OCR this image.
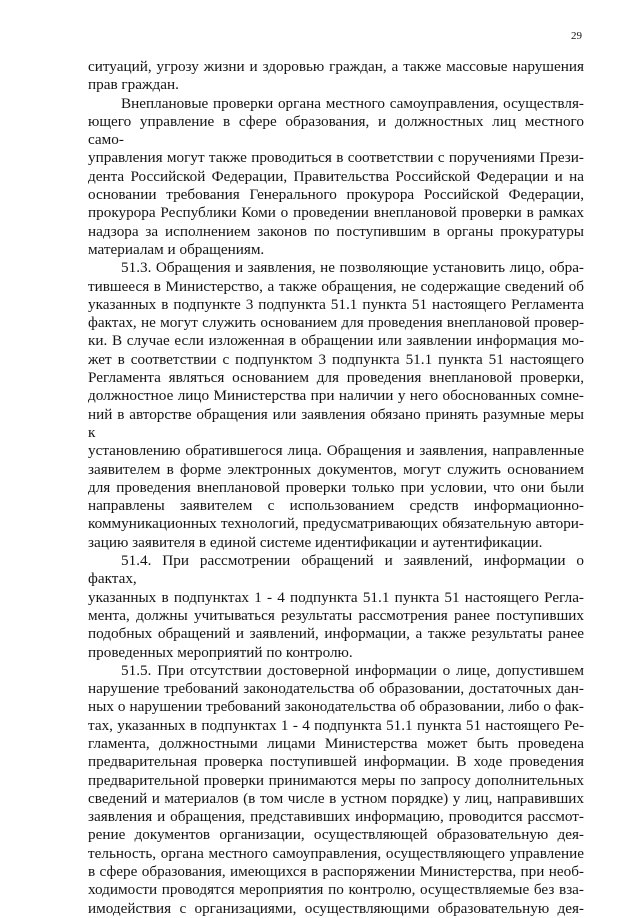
29

ситуаций, угрозу жизни и здоровью граждан, а также массовые нарушения

прав граждан.

Внеплановые проверки органа местного самоуправления, осуществля-

ющего управление в сфере образования, и должностных лиц местного само-

управления могут также проводиться в соответствии с поручениями Прези-

дента Российской Федерации, Правительства Российской Федерации и на

основании требования Генерального прокурора Российской Федерации,

прокурора Республики Коми о проведении внеплановой проверки в рамках

надзора за исполнением законов по поступившим в органы прокуратуры

материалам и обращениям.

51.3. Обращения и заявления, не позволяющие установить лицо, обра-

тившееся в Министерство, а также обращения, не содержащие сведений об

указанных в подпункте 3 подпункта 51.1 пункта 51 настоящего Регламента

фактах, не могут служить основанием для проведения внеплановой провер-

ки. В случае если изложенная в обращении или заявлении информация мо-

жет в соответствии с подпунктом 3 подпункта 51.1 пункта 51 настоящего

Регламента являться основанием для проведения внеплановой проверки,

должностное лицо Министерства при наличии у него обоснованных сомне-

ний в авторстве обращения или заявления обязано принять разумные меры к

установлению обратившегося лица. Обращения и заявления, направленные

заявителем в форме электронных документов, могут служить основанием

для проведения внеплановой проверки только при условии, что они были

направлены заявителем с использованием средств информационно-

коммуникационных технологий, предусматривающих обязательную автори-

зацию заявителя в единой системе идентификации и аутентификации.

51.4. При рассмотрении обращений и заявлений, информации о фактах,

указанных в подпунктах 1 - 4 подпункта 51.1 пункта 51 настоящего Регла-

мента, должны учитываться результаты рассмотрения ранее поступивших

подобных обращений и заявлений, информации, а также результаты ранее

проведенных мероприятий по контролю.

51.5. При отсутствии достоверной информации о лице, допустившем

нарушение требований законодательства об образовании, достаточных дан-

ных о нарушении требований законодательства об образовании, либо о фак-

тах, указанных в подпунктах 1 - 4 подпункта 51.1 пункта 51 настоящего Ре-

гламента, должностными лицами Министерства может быть проведена

предварительная проверка поступившей информации. В ходе проведения

предварительной проверки принимаются меры по запросу дополнительных

сведений и материалов (в том числе в устном порядке) у лиц, направивших

заявления и обращения, представивших информацию, проводится рассмот-

рение документов организации, осуществляющей образовательную дея-

тельность, органа местного самоуправления, осуществляющего управление

в сфере образования, имеющихся в распоряжении Министерства, при необ-

ходимости проводятся мероприятия по контролю, осуществляемые без вза-

имодействия с организациями, осуществляющими образовательную дея-
